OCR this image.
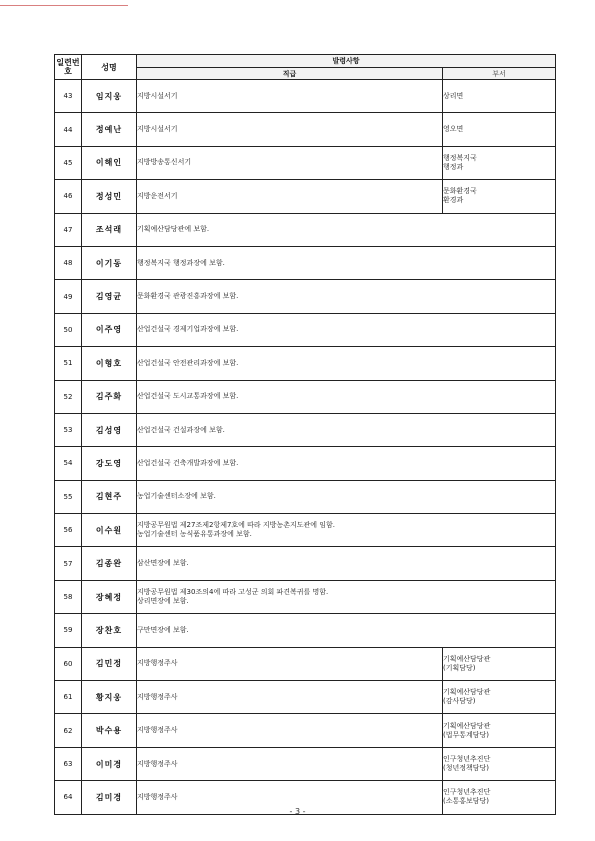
일련번호	성명	발령사항	
		직급	부서
43	임지웅	지방시설서기	상리면

44	정예난	지방시설서기	영오면

45	이해인	지방방송통신서기	행정복지국
행정과

46	정성민	지방운전서기	문화환경국
환경과

47	조석래	기획예산담당관에 보함.	

48	이기동	행정복지국 행정과장에 보함.	

49	김영균	문화환경국 관광진흥과장에 보함.	

50	이주영	산업건설국 경제기업과장에 보함.	

51	이형호	산업건설국 안전관리과장에 보함.	

52	김주화	산업건설국 도시교통과장에 보함.	

53	김성영	산업건설국 건설과장에 보함.	

54	강도영	산업건설국 건축개발과장에 보함.	

55	김현주	농업기술센터소장에 보함.	

56	이수원	지방공무원법 제27조제2항제7호에 따라 지방농촌지도관에 임함.
농업기술센터 농식품유통과장에 보함.	

57	김종완	삼산면장에 보함.	

58	장혜정	지방공무원법 제30조의4에 따라 고성군 의회 파견복귀를 명함.
상리면장에 보함.	

59	장찬호	구만면장에 보함.	

60	김민정	지방행정주사	기획예산담당관
(기획담당)

61	황지웅	지방행정주사	기획예산담당관
(감사담당)

62	박수용	지방행정주사	기획예산담당관
(법무통계담당)

63	이미경	지방행정주사	인구청년추진단
(청년정책담당)

64	김미경	지방행정주사	인구청년추진단
(소통홍보담당)
- 3 -
